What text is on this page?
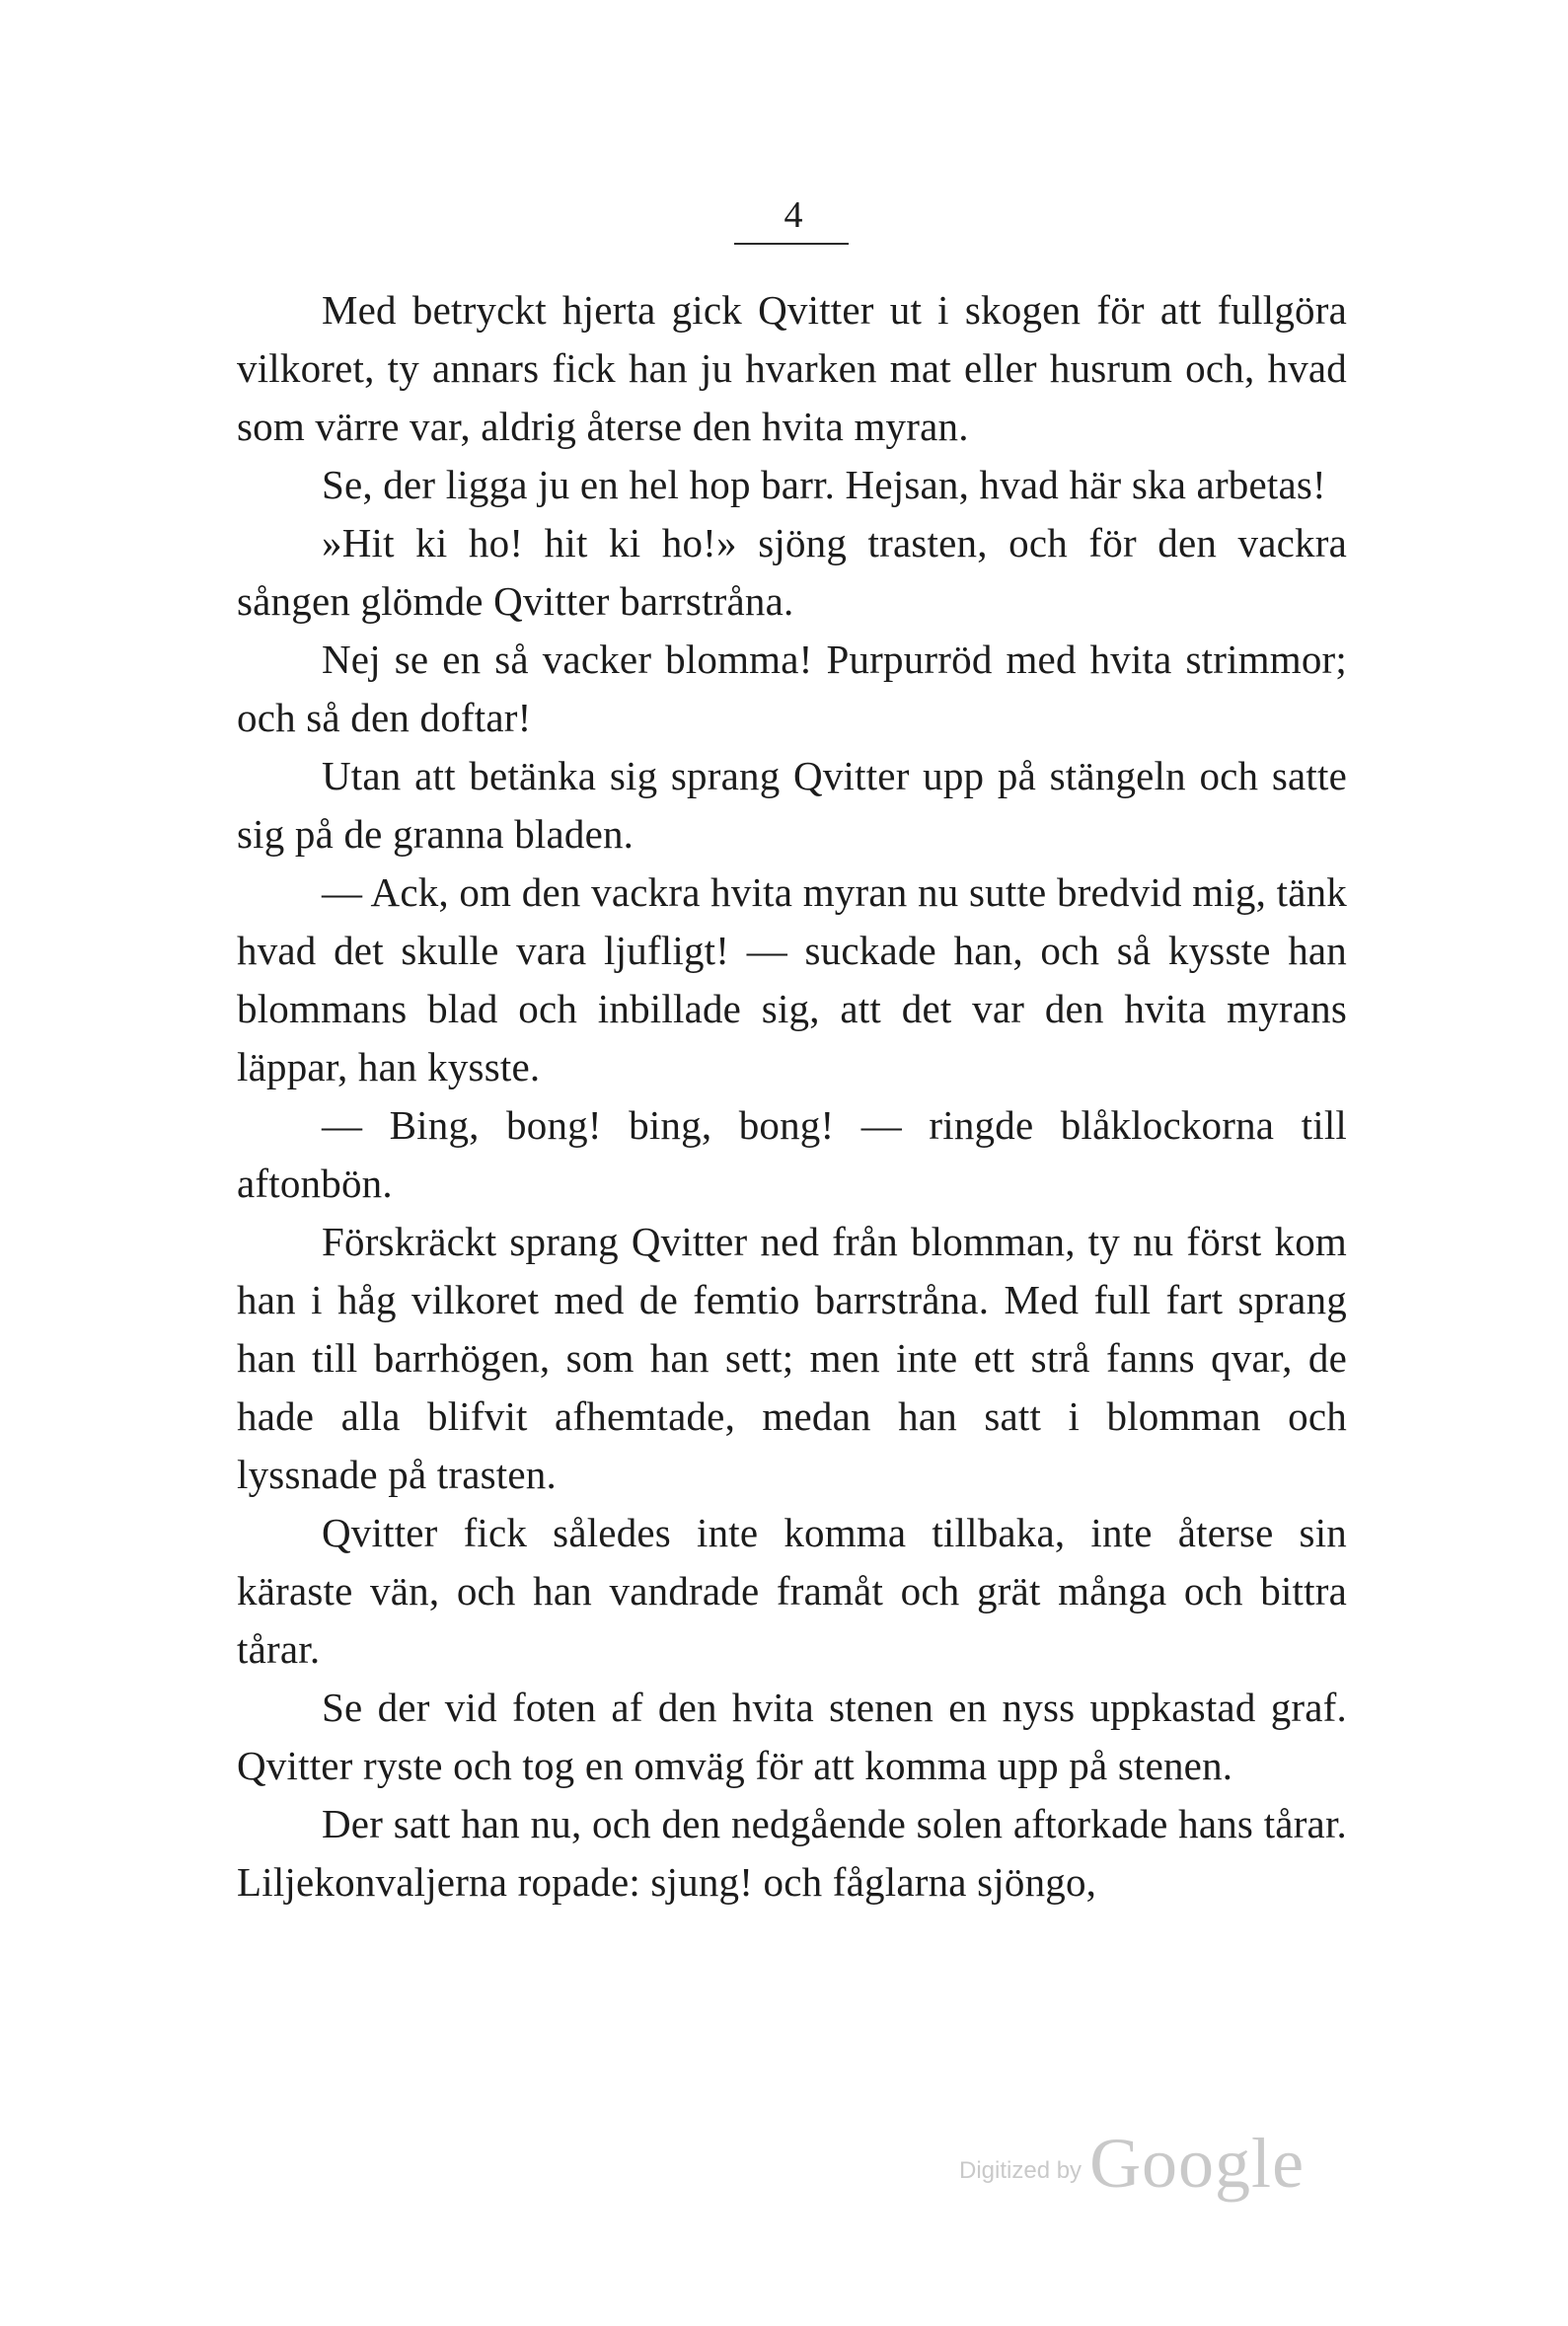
4

Med betryckt hjerta gick Qvitter ut i skogen för att fullgöra vilkoret, ty annars fick han ju hvarken mat eller husrum och, hvad som värre var, aldrig återse den hvita myran.

Se, der ligga ju en hel hop barr. Hejsan, hvad här ska arbetas!

»Hit ki ho! hit ki ho!» sjöng trasten, och för den vackra sången glömde Qvitter barrstråna.

Nej se en så vacker blomma! Purpurröd med hvita strimmor; och så den doftar!

Utan att betänka sig sprang Qvitter upp på stängeln och satte sig på de granna bladen.

— Ack, om den vackra hvita myran nu sutte bredvid mig, tänk hvad det skulle vara ljufligt! — suckade han, och så kysste han blommans blad och inbillade sig, att det var den hvita myrans läppar, han kysste.

— Bing, bong! bing, bong! — ringde blåklockorna till aftonbön.

Förskräckt sprang Qvitter ned från blomman, ty nu först kom han i håg vilkoret med de femtio barrstråna. Med full fart sprang han till barrhögen, som han sett; men inte ett strå fanns qvar, de hade alla blifvit afhemtade, medan han satt i blomman och lyssnade på trasten.

Qvitter fick således inte komma tillbaka, inte återse sin käraste vän, och han vandrade framåt och grät många och bittra tårar.

Se der vid foten af den hvita stenen en nyss uppkastad graf. Qvitter ryste och tog en omväg för att komma upp på stenen.

Der satt han nu, och den nedgående solen aftorkade hans tårar. Liljekonvaljerna ropade: sjung! och fåglarna sjöngo,

Digitized by Google
